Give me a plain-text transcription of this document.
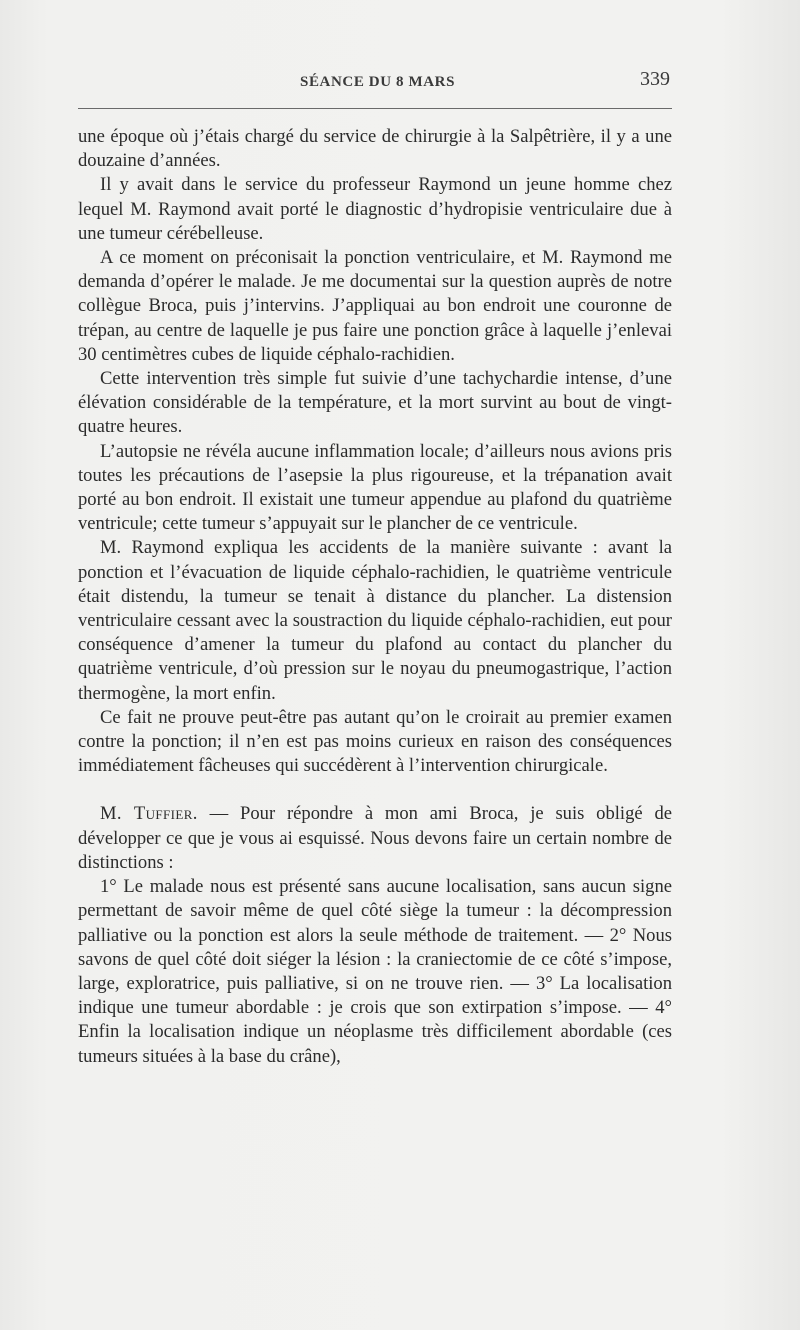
SÉANCE DU 8 MARS	339

une époque où j’étais chargé du service de chirurgie à la Salpêtrière, il y a une douzaine d’années.

Il y avait dans le service du professeur Raymond un jeune homme chez lequel M. Raymond avait porté le diagnostic d’hydropisie ventriculaire due à une tumeur cérébelleuse.

A ce moment on préconisait la ponction ventriculaire, et M. Raymond me demanda d’opérer le malade. Je me documentai sur la question auprès de notre collègue Broca, puis j’intervins. J’appliquai au bon endroit une couronne de trépan, au centre de laquelle je pus faire une ponction grâce à laquelle j’enlevai 30 centimètres cubes de liquide céphalo-rachidien.

Cette intervention très simple fut suivie d’une tachychardie intense, d’une élévation considérable de la température, et la mort survint au bout de vingt-quatre heures.

L’autopsie ne révéla aucune inflammation locale; d’ailleurs nous avions pris toutes les précautions de l’asepsie la plus rigoureuse, et la trépanation avait porté au bon endroit. Il existait une tumeur appendue au plafond du quatrième ventricule; cette tumeur s’appuyait sur le plancher de ce ventricule.

M. Raymond expliqua les accidents de la manière suivante : avant la ponction et l’évacuation de liquide céphalo-rachidien, le quatrième ventricule était distendu, la tumeur se tenait à distance du plancher. La distension ventriculaire cessant avec la soustraction du liquide céphalo-rachidien, eut pour conséquence d’amener la tumeur du plafond au contact du plancher du quatrième ventricule, d’où pression sur le noyau du pneumogastrique, l’action thermogène, la mort enfin.

Ce fait ne prouve peut-être pas autant qu’on le croirait au premier examen contre la ponction; il n’en est pas moins curieux en raison des conséquences immédiatement fâcheuses qui succédèrent à l’intervention chirurgicale.

M. Tuffier. — Pour répondre à mon ami Broca, je suis obligé de développer ce que je vous ai esquissé. Nous devons faire un certain nombre de distinctions :

1° Le malade nous est présenté sans aucune localisation, sans aucun signe permettant de savoir même de quel côté siège la tumeur : la décompression palliative ou la ponction est alors la seule méthode de traitement. — 2° Nous savons de quel côté doit siéger la lésion : la craniectomie de ce côté s’impose, large, exploratrice, puis palliative, si on ne trouve rien. — 3° La localisation indique une tumeur abordable : je crois que son extirpation s’impose. — 4° Enfin la localisation indique un néoplasme très difficilement abordable (ces tumeurs situées à la base du crâne),
